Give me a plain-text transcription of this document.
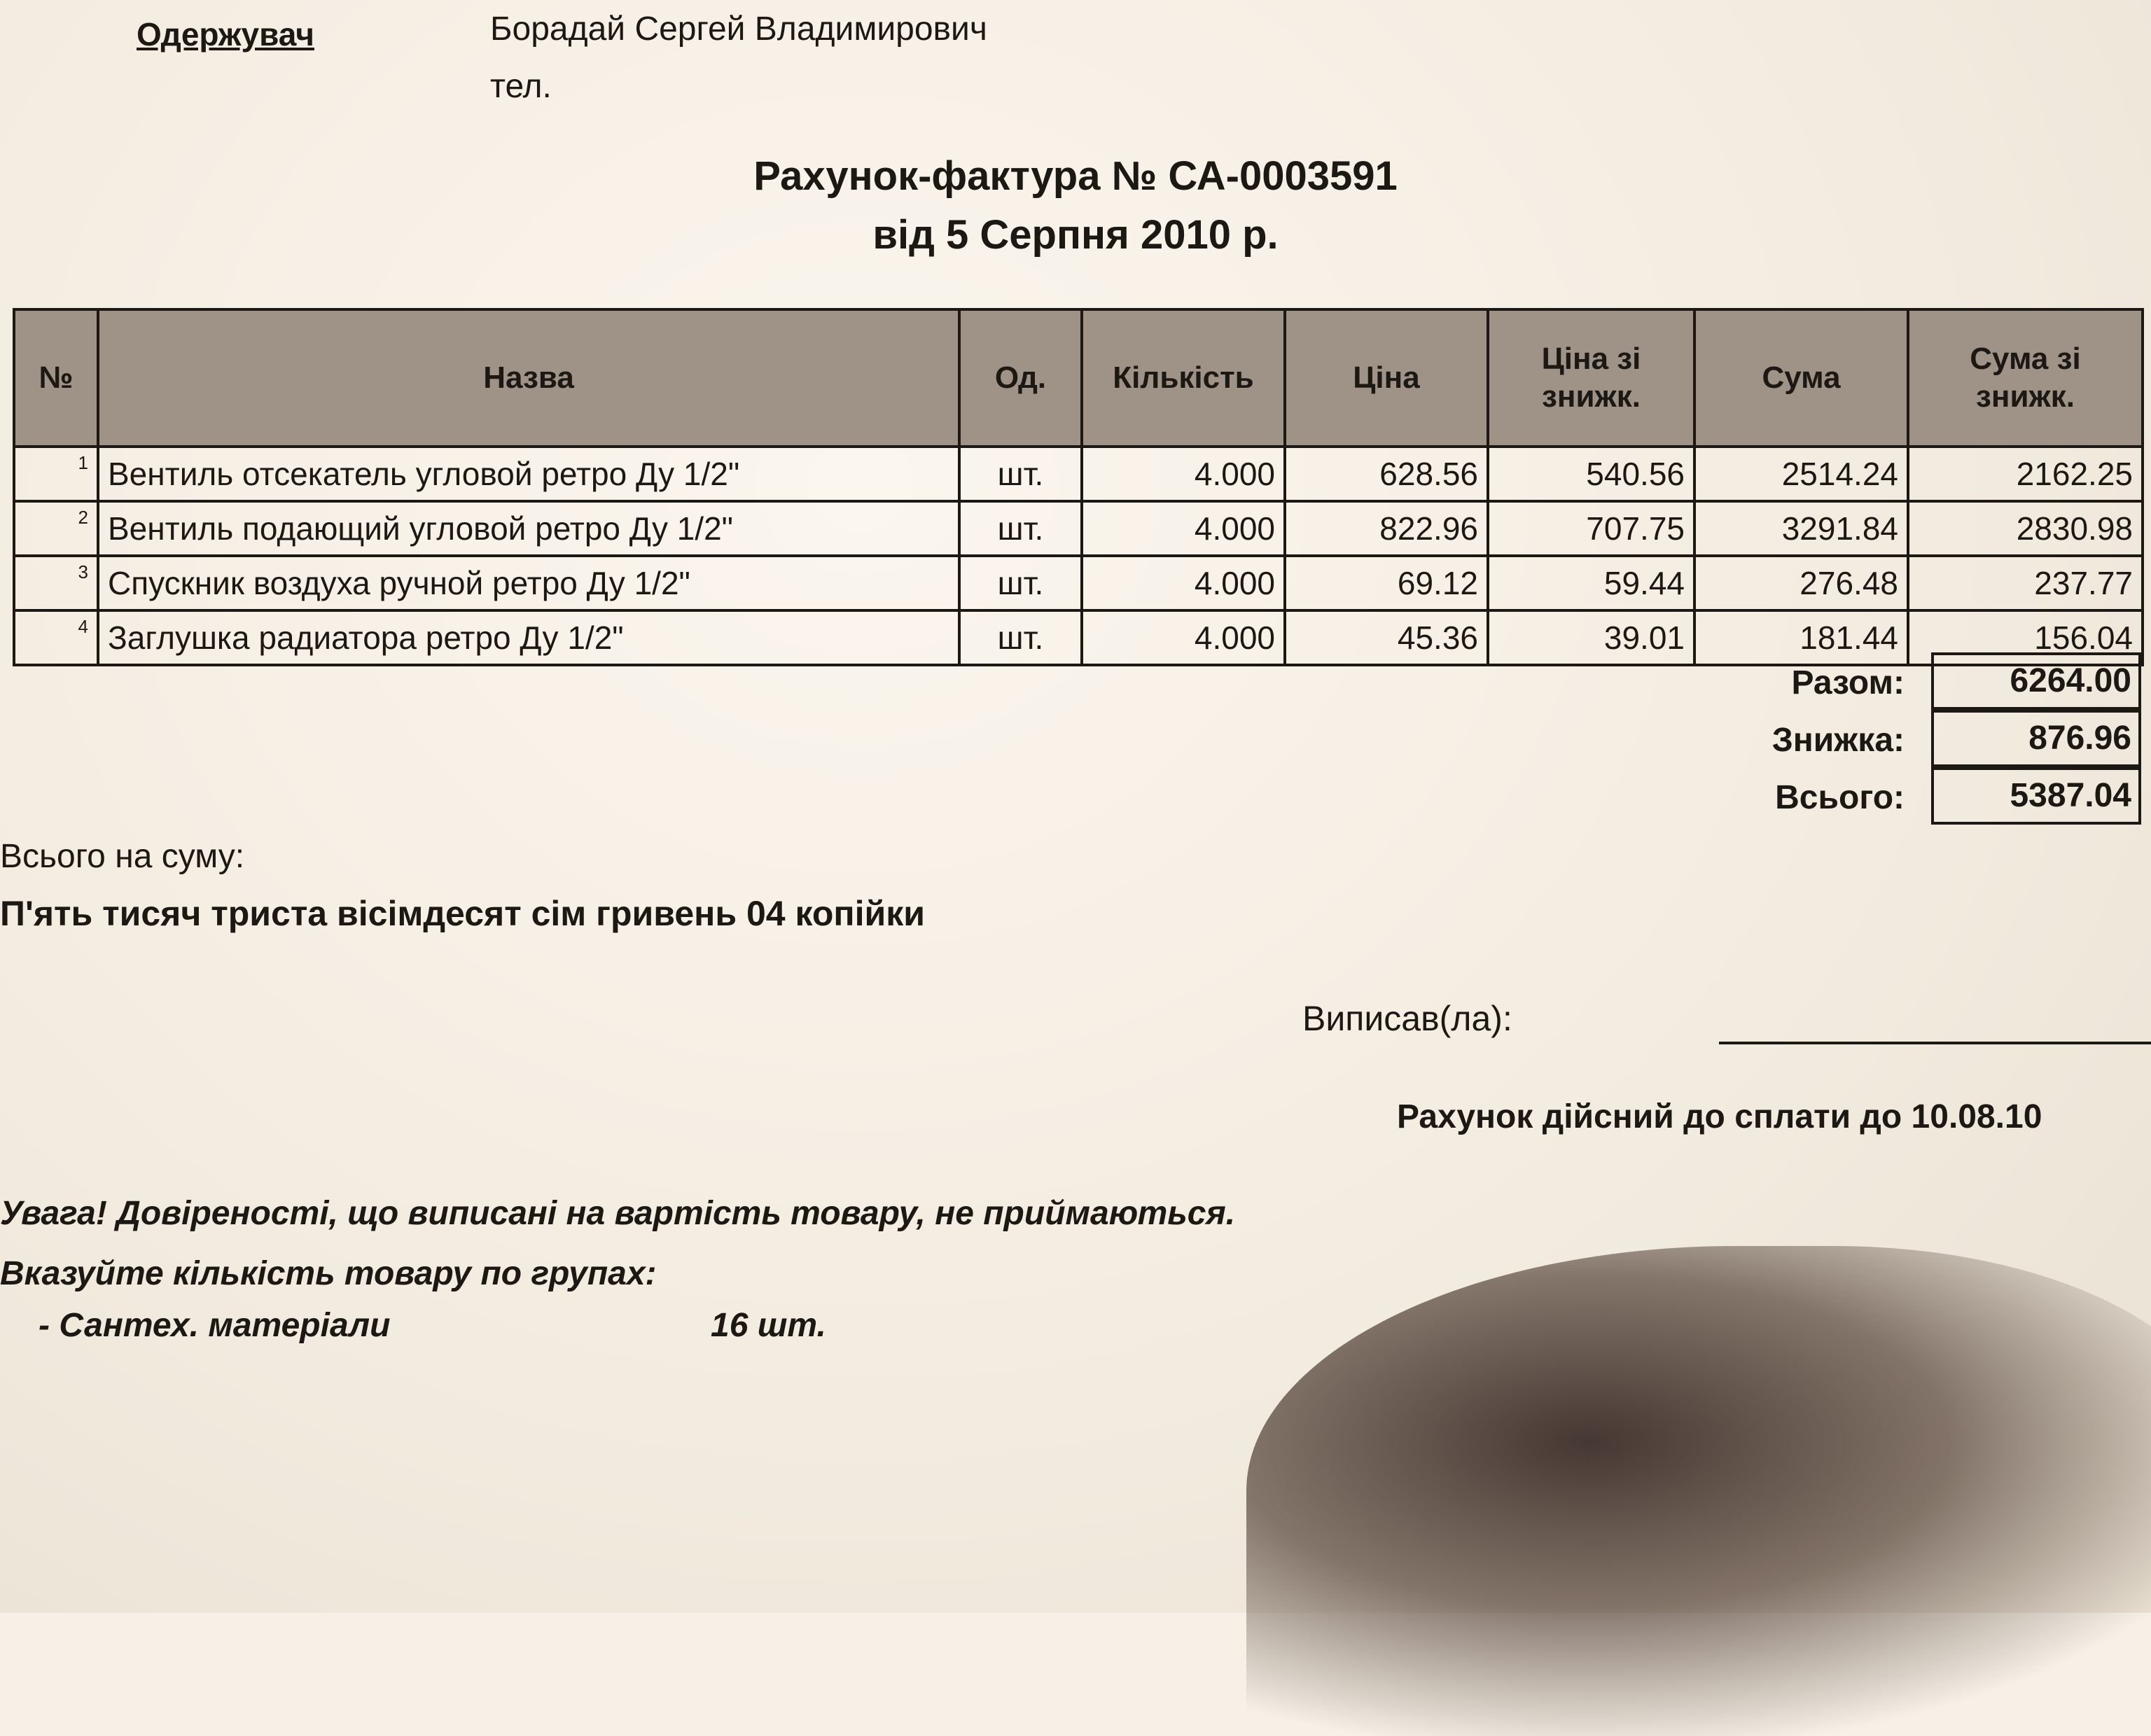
Одержувач	Борадай Сергей Владимирович
тел.
Рахунок-фактура № СА-0003591
від 5 Серпня 2010 р.
№	Назва	Од.	Кількість	Ціна	Ціна зі знижк.	Сума	Сума зі знижк.
1	Вентиль отсекатель угловой ретро Ду 1/2"	шт.	4.000	628.56	540.56	2514.24	2162.25
2	Вентиль подающий угловой ретро Ду 1/2"	шт.	4.000	822.96	707.75	3291.84	2830.98
3	Спускник воздуха ручной ретро Ду 1/2"	шт.	4.000	69.12	59.44	276.48	237.77
4	Заглушка радиатора ретро Ду 1/2"	шт.	4.000	45.36	39.01	181.44	156.04
Разом:	6264.00
Знижка:	876.96
Всього:	5387.04
Всього на суму:
П'ять тисяч триста вісімдесят сім гривень 04 копійки
Виписав(ла):
Рахунок дійсний до сплати до 10.08.10
Увага! Довіреності, що виписані на вартість товару, не приймаються.
Вказуйте кількість товару по групах:
- Сантех. матеріали	16 шт.
